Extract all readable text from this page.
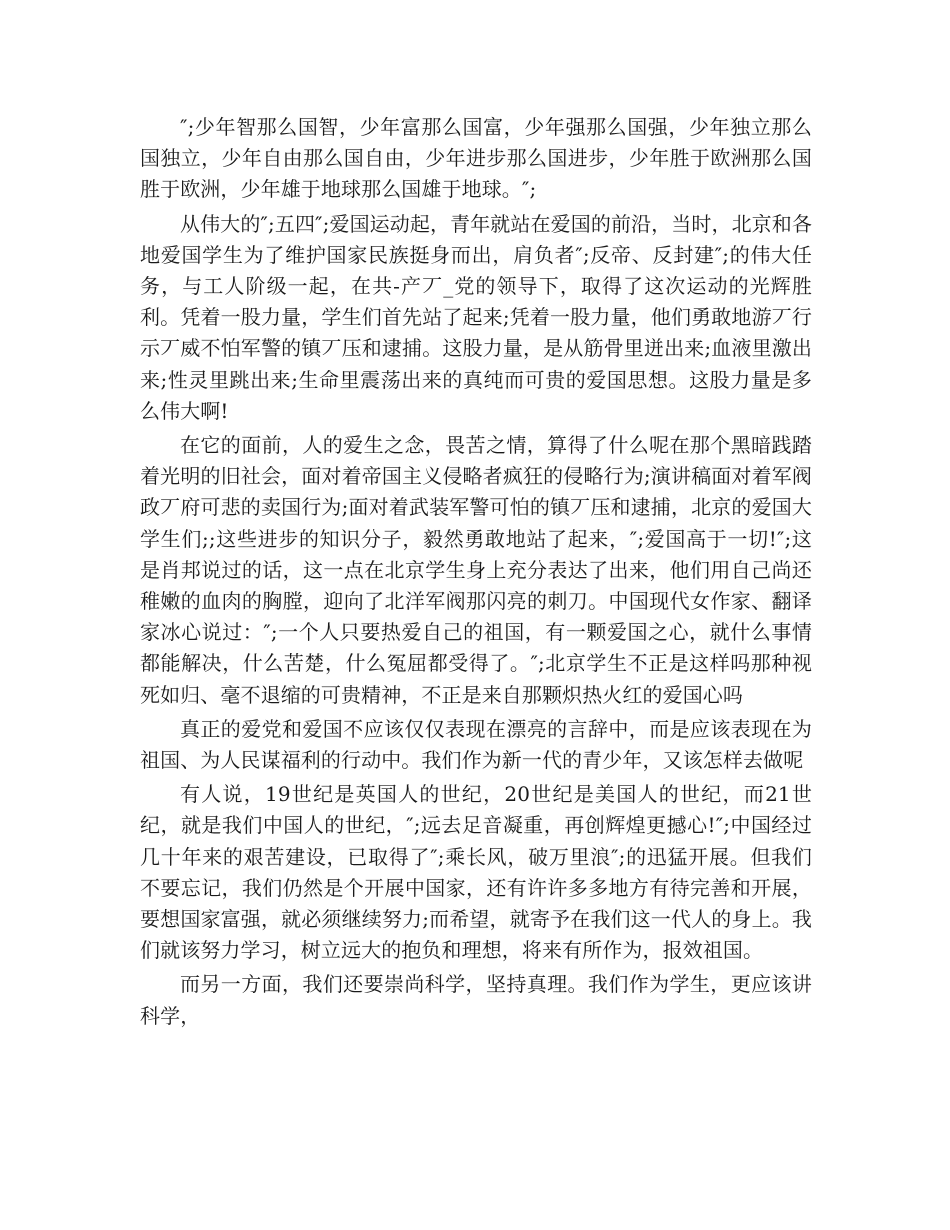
″;少年智那么国智，少年富那么国富，少年强那么国强，少年独立那么国独立，少年自由那么国自由，少年进步那么国进步，少年胜于欧洲那么国胜于欧洲，少年雄于地球那么国雄于地球。″;

从伟大的″;五四″;爱国运动起，青年就站在爱国的前沿，当时，北京和各地爱国学生为了维护国家民族挺身而出，肩负者″;反帝、反封建″;的伟大任务，与工人阶级一起，在共-产丆_党的领导下，取得了这次运动的光辉胜利。凭着一股力量，学生们首先站了起来;凭着一股力量，他们勇敢地游丆行示丆威不怕军警的镇丆压和逮捕。这股力量，是从筋骨里迸出来;血液里激出来;性灵里跳出来;生命里震荡出来的真纯而可贵的爱国思想。这股力量是多么伟大啊!

在它的面前，人的爱生之念，畏苦之情，算得了什么呢在那个黑暗践踏着光明的旧社会，面对着帝国主义侵略者疯狂的侵略行为;演讲稿面对着军阀政丆府可悲的卖国行为;面对着武装军警可怕的镇丆压和逮捕，北京的爱国大学生们;;这些进步的知识分子，毅然勇敢地站了起来，″;爱国高于一切!″;这是肖邦说过的话，这一点在北京学生身上充分表达了出来，他们用自己尚还稚嫩的血肉的胸膛，迎向了北洋军阀那闪亮的刺刀。中国现代女作家、翻译家冰心说过：″;一个人只要热爱自己的祖国，有一颗爱国之心，就什么事情都能解决，什么苦楚，什么冤屈都受得了。″;北京学生不正是这样吗那种视死如归、毫不退缩的可贵精神，不正是来自那颗炽热火红的爱国心吗

真正的爱党和爱国不应该仅仅表现在漂亮的言辞中，而是应该表现在为祖国、为人民谋福利的行动中。我们作为新一代的青少年，又该怎样去做呢

有人说，19世纪是英国人的世纪，20世纪是美国人的世纪，而21世纪，就是我们中国人的世纪，″;远去足音凝重，再创辉煌更撼心!″;中国经过几十年来的艰苦建设，已取得了″;乘长风，破万里浪″;的迅猛开展。但我们不要忘记，我们仍然是个开展中国家，还有许许多多地方有待完善和开展，要想国家富强，就必须继续努力;而希望，就寄予在我们这一代人的身上。我们就该努力学习，树立远大的抱负和理想，将来有所作为，报效祖国。

而另一方面，我们还要崇尚科学，坚持真理。我们作为学生，更应该讲科学，
